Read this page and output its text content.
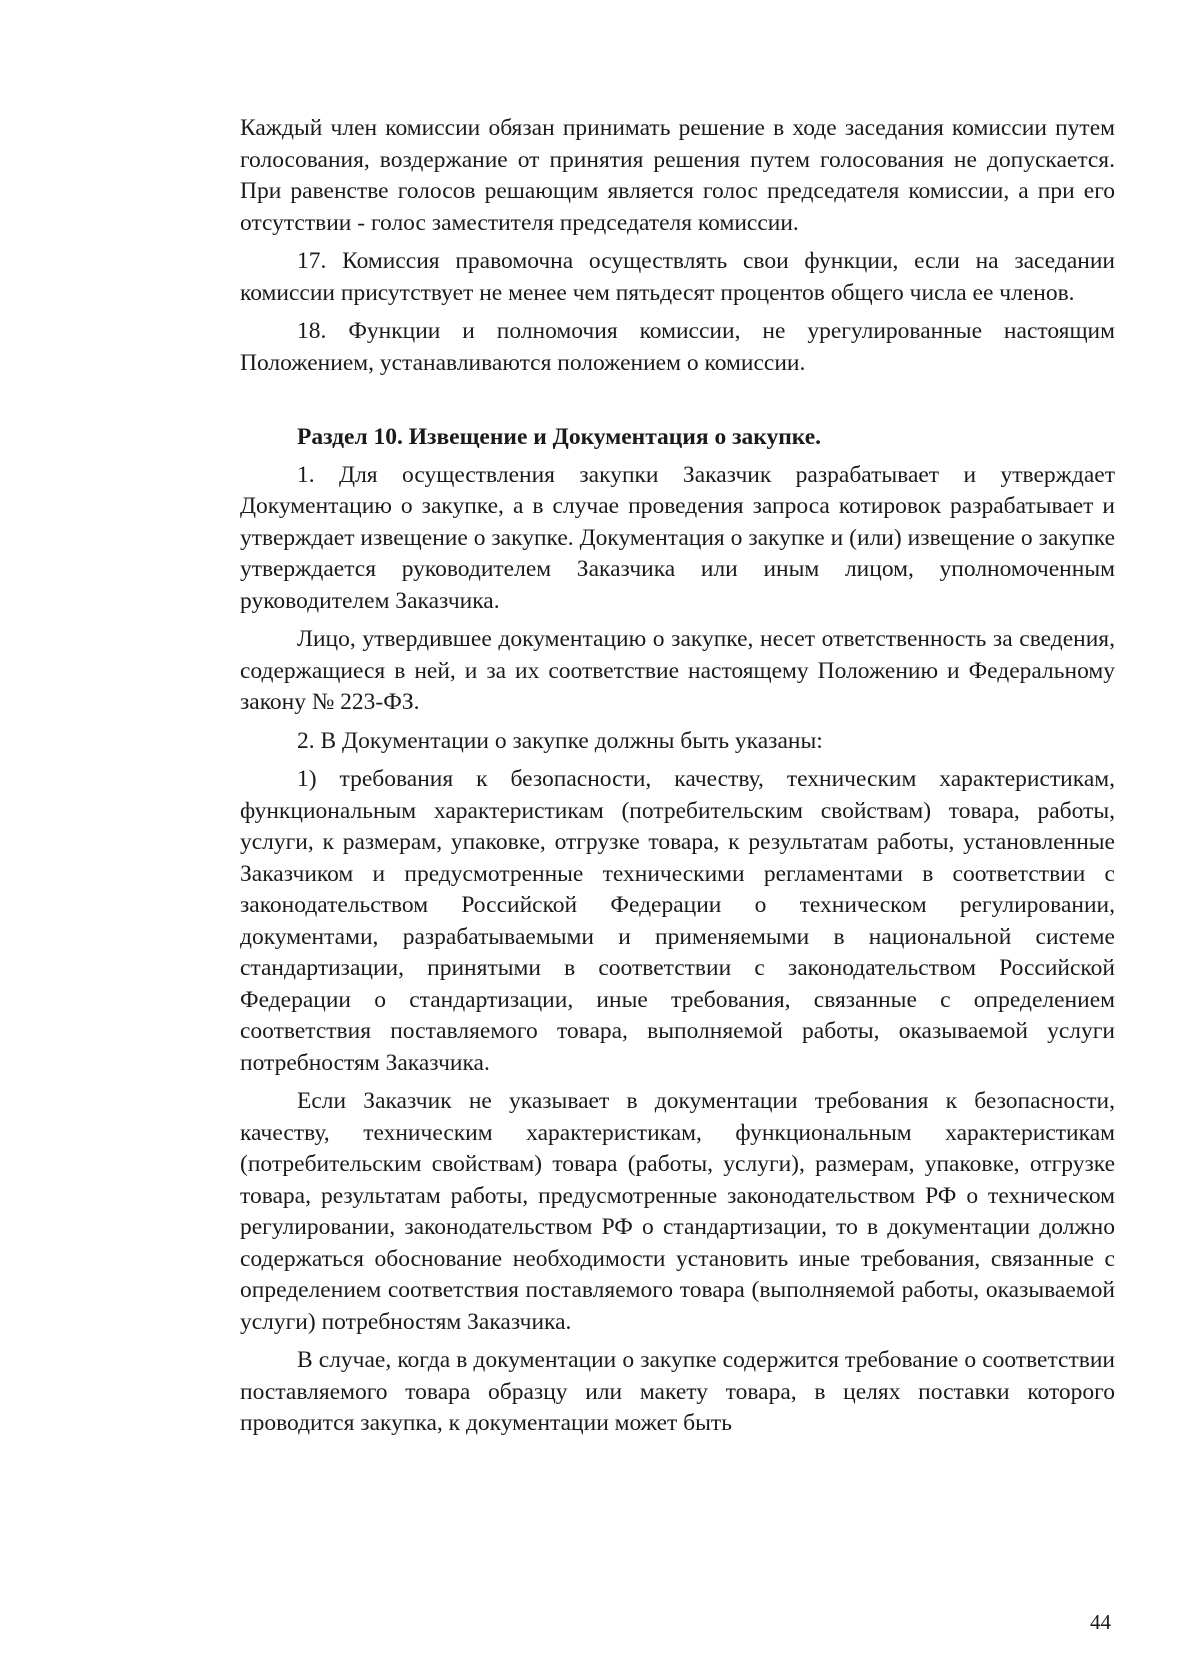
Каждый член комиссии обязан принимать решение в ходе заседания комиссии путем голосования, воздержание от принятия решения путем голосования не допускается. При равенстве голосов решающим является голос председателя комиссии, а при его отсутствии - голос заместителя председателя комиссии.

17. Комиссия правомочна осуществлять свои функции, если на заседании комиссии присутствует не менее чем пятьдесят процентов общего числа ее членов.

18. Функции и полномочия комиссии, не урегулированные настоящим Положением, устанавливаются положением о комиссии.

Раздел 10. Извещение и Документация о закупке.

1. Для осуществления закупки Заказчик разрабатывает и утверждает Документацию о закупке, а в случае проведения запроса котировок разрабатывает и утверждает извещение о закупке. Документация о закупке и (или) извещение о закупке утверждается руководителем Заказчика или иным лицом, уполномоченным руководителем Заказчика.

Лицо, утвердившее документацию о закупке, несет ответственность за сведения, содержащиеся в ней, и за их соответствие настоящему Положению и Федеральному закону № 223-ФЗ.

2. В Документации о закупке должны быть указаны:

1) требования к безопасности, качеству, техническим характеристикам, функциональным характеристикам (потребительским свойствам) товара, работы, услуги, к размерам, упаковке, отгрузке товара, к результатам работы, установленные Заказчиком и предусмотренные техническими регламентами в соответствии с законодательством Российской Федерации о техническом регулировании, документами, разрабатываемыми и применяемыми в национальной системе стандартизации, принятыми в соответствии с законодательством Российской Федерации о стандартизации, иные требования, связанные с определением соответствия поставляемого товара, выполняемой работы, оказываемой услуги потребностям Заказчика.

Если Заказчик не указывает в документации требования к безопасности, качеству, техническим характеристикам, функциональным характеристикам (потребительским свойствам) товара (работы, услуги), размерам, упаковке, отгрузке товара, результатам работы, предусмотренные законодательством РФ о техническом регулировании, законодательством РФ о стандартизации, то в документации должно содержаться обоснование необходимости установить иные требования, связанные с определением соответствия поставляемого товара (выполняемой работы, оказываемой услуги) потребностям Заказчика.

В случае, когда в документации о закупке содержится требование о соответствии поставляемого товара образцу или макету товара, в целях поставки которого проводится закупка, к документации может быть

44
